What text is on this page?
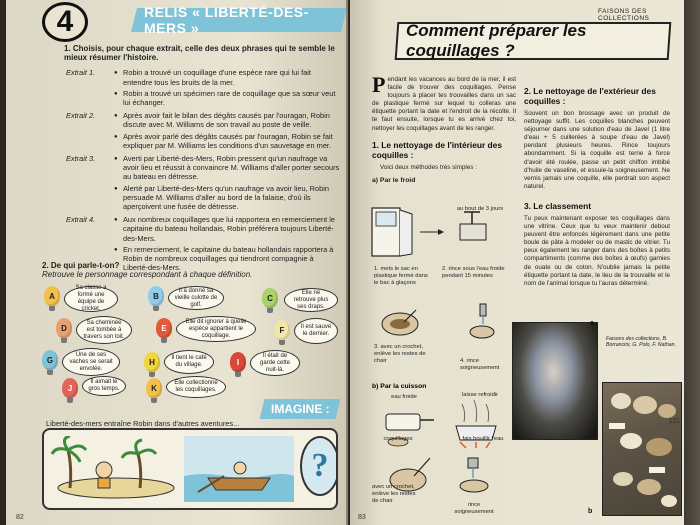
4	RELIS « LIBERTÉ-DES-MERS »
1. Choisis, pour chaque extrait, celle des deux phrases qui te semble le mieux résumer l'histoire.
Extrait 1.	● Robin a trouvé un coquillage d'une espèce rare qui lui fait entendre tous les bruits de la mer.
● Robin a trouvé un spécimen rare de coquillage que sa sœur veut lui échanger.
Extrait 2.	● Après avoir fait le bilan des dégâts causés par l'ouragan, Robin discute avec M. Williams de son travail au poste de veille.
● Après avoir parlé des dégâts causés par l'ouragan, Robin se fait expliquer par M. Williams les conditions d'un sauvetage en mer.
Extrait 3.	● Averti par Liberté-des-Mers, Robin pressent qu'un naufrage va avoir lieu et réussit à convaincre M. Williams d'aller porter secours au bateau en détresse.
● Alerté par Liberté-des-Mers qu'un naufrage va avoir lieu, Robin persuade M. Williams d'aller au bord de la falaise, d'où ils aperçoivent une fusée de détresse.
Extrait 4.	● Aux nombreux coquillages que lui rapportera en remerciement le capitaine du bateau hollandais, Robin préférera toujours Liberté-des-Mers.
● En remerciement, le capitaine du bateau hollandais rapportera à Robin de nombreux coquillages qui tiendront compagnie à Liberté-des-Mers.
2. De qui parle-t-on?
Retrouve le personnage correspondant à chaque définition.
A
Sa classe a formé une équipe de cricket.
B
Il a donné sa vieille culotte de golf.
C
Elle ne retrouve plus ses draps.
D
Sa cheminée est tombée à travers son toit.
E
Elle dit ignorer à quelle espèce appartient le coquillage.
F	Il est sauvé le dernier.
G
Une de ses vaches se serait envolée.
H	Il tient le café du village.	I
Il était de garde cette nuit-là.
J
Il aimait le gros temps.	K
Elle collectionne les coquillages.
IMAGINE :
Liberté-des-mers entraîne Robin dans d'autres aventures...
?
82
FAISONS DES COLLECTIONS
Comment préparer les coquillages ?

Pendant les vacances au bord de la mer, il est facile de trouver des coquillages. Pense toujours à placer tes trouvailles dans un sac de plastique fermé sur lequel tu colleras une étiquette portant la date et l'endroit de la récolte. Il te faut ensuite, lorsque tu es arrivé chez toi, nettoyer les coquillages avant de les ranger.

1. Le nettoyage de l'intérieur des coquilles :
Voici deux méthodes très simples :
a) Par le froid
au bout de 3 jours
1. mets le sac en plastique fermé dans le bac à glaçons
2. rince sous l'eau froide pendant 15 minutes
3. avec un crochet, enlève les restes de chair	4. rince soigneusement
b) Par la cuisson
eau froide	laisse refroidir
coquillages	fais bouillir l'eau
avec un crochet, enlève les restes de chair
rince soigneusement
2. Le nettoyage de l'extérieur des coquilles :

Souvent un bon brossage avec un produit de nettoyage suffit. Les coquilles blanches peuvent séjourner dans une solution d'eau de Javel (1 litre d'eau + 5 cuillerées à soupe d'eau de Javel) pendant plusieurs heures. Rince toujours abondamment. Si la coquille est terne à force d'avoir été roulée, passe un petit chiffon imbibé d'huile de vaseline, et essuie-la soigneusement. Ne vernis jamais une coquille, elle perdrait son aspect naturel.

3. Le classement

Tu peux maintenant exposer tes coquillages dans une vitrine. Ceux que tu veux maintenir debout peuvent être enfoncés légèrement dans une petite boule de pâte à modeler ou de mastic de vitrier. Tu peux également les ranger dans des boîtes à petits compartiments (comme des boîtes à œufs) garnies de ouate ou de coton. N'oublie jamais la petite étiquette portant la date, le lieu de la trouvaille et le nom de l'animal lorsque tu l'auras déterminé.

a
Faisons des collections, B. Borrancini, G. Polo, F. Nathan.
b
83
131
